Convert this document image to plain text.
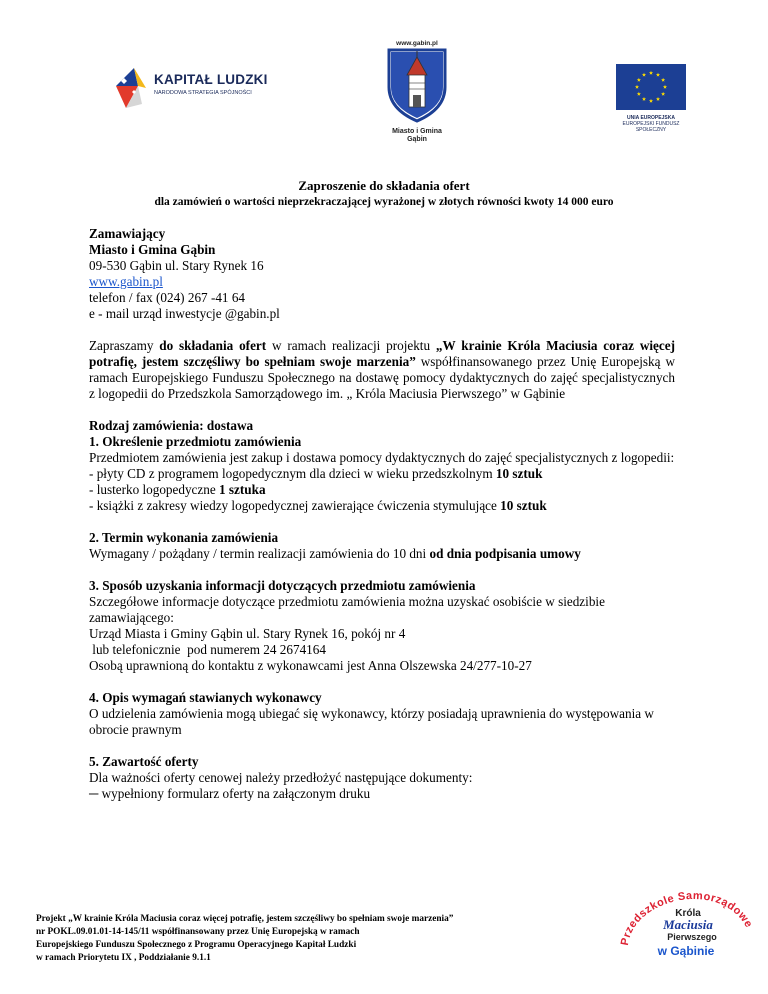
KAPITAŁ LUDZKI
NARODOWA STRATEGIA SPÓJNOŚCI
www.gabin.pl
Miasto i Gmina
Gąbin
UNIA EUROPEJSKA
EUROPEJSKI FUNDUSZ
SPOŁECZNY
Zaproszenie do składania ofert
dla zamówień o wartości nieprzekraczającej wyrażonej w złotych równości kwoty 14 000 euro

Zamawiający

Miasto i Gmina Gąbin

09-530 Gąbin ul. Stary Rynek 16

www.gabin.pl

telefon / fax (024) 267 -41 64

e - mail urząd inwestycje @gabin.pl

Zapraszamy do składania ofert w ramach realizacji projektu „W krainie Króla Maciusia coraz więcej potrafię, jestem szczęśliwy bo spełniam swoje marzenia” współfinansowanego przez Unię Europejską w ramach Europejskiego Funduszu Społecznego na dostawę pomocy dydaktycznych do zajęć specjalistycznych z logopedii do Przedszkola Samorządowego im. „ Króla Maciusia Pierwszego” w Gąbinie

Rodzaj zamówienia: dostawa

1. Określenie przedmiotu zamówienia

Przedmiotem zamówienia jest zakup i dostawa pomocy dydaktycznych do zajęć specjalistycznych z logopedii:

- płyty CD z programem logopedycznym dla dzieci w wieku przedszkolnym 10 sztuk

- lusterko logopedyczne 1 sztuka

- książki z zakresy wiedzy logopedycznej zawierające ćwiczenia stymulujące 10 sztuk

2. Termin wykonania zamówienia

Wymagany / pożądany / termin realizacji zamówienia do 10 dni od dnia podpisania umowy

3. Sposób uzyskania informacji dotyczących przedmiotu zamówienia

Szczegółowe informacje dotyczące przedmiotu zamówienia można uzyskać osobiście w siedzibie zamawiającego:

Urząd Miasta i Gminy Gąbin ul. Stary Rynek 16, pokój nr 4

lub telefonicznie  pod numerem 24 2674164

Osobą uprawnioną do kontaktu z wykonawcami jest Anna Olszewska 24/277-10-27

4. Opis wymagań stawianych wykonawcy

O udzielenia zamówienia mogą ubiegać się wykonawcy, którzy posiadają uprawnienia do występowania w obrocie prawnym

5. Zawartość oferty

Dla ważności oferty cenowej należy przedłożyć następujące dokumenty:

─ wypełniony formularz oferty na załączonym druku

Projekt „W krainie Króla Maciusia coraz więcej potrafię, jestem szczęśliwy bo spełniam swoje marzenia”
nr POKL.09.01.01-14-145/11 współfinansowany przez Unię Europejską w ramach
Europejskiego Funduszu Społecznego z Programu Operacyjnego Kapitał Ludzki
w ramach Priorytetu IX , Poddziałanie 9.1.1
Przedszkole Samorządowe
Króla
Maciusia
Pierwszego
w Gąbinie
